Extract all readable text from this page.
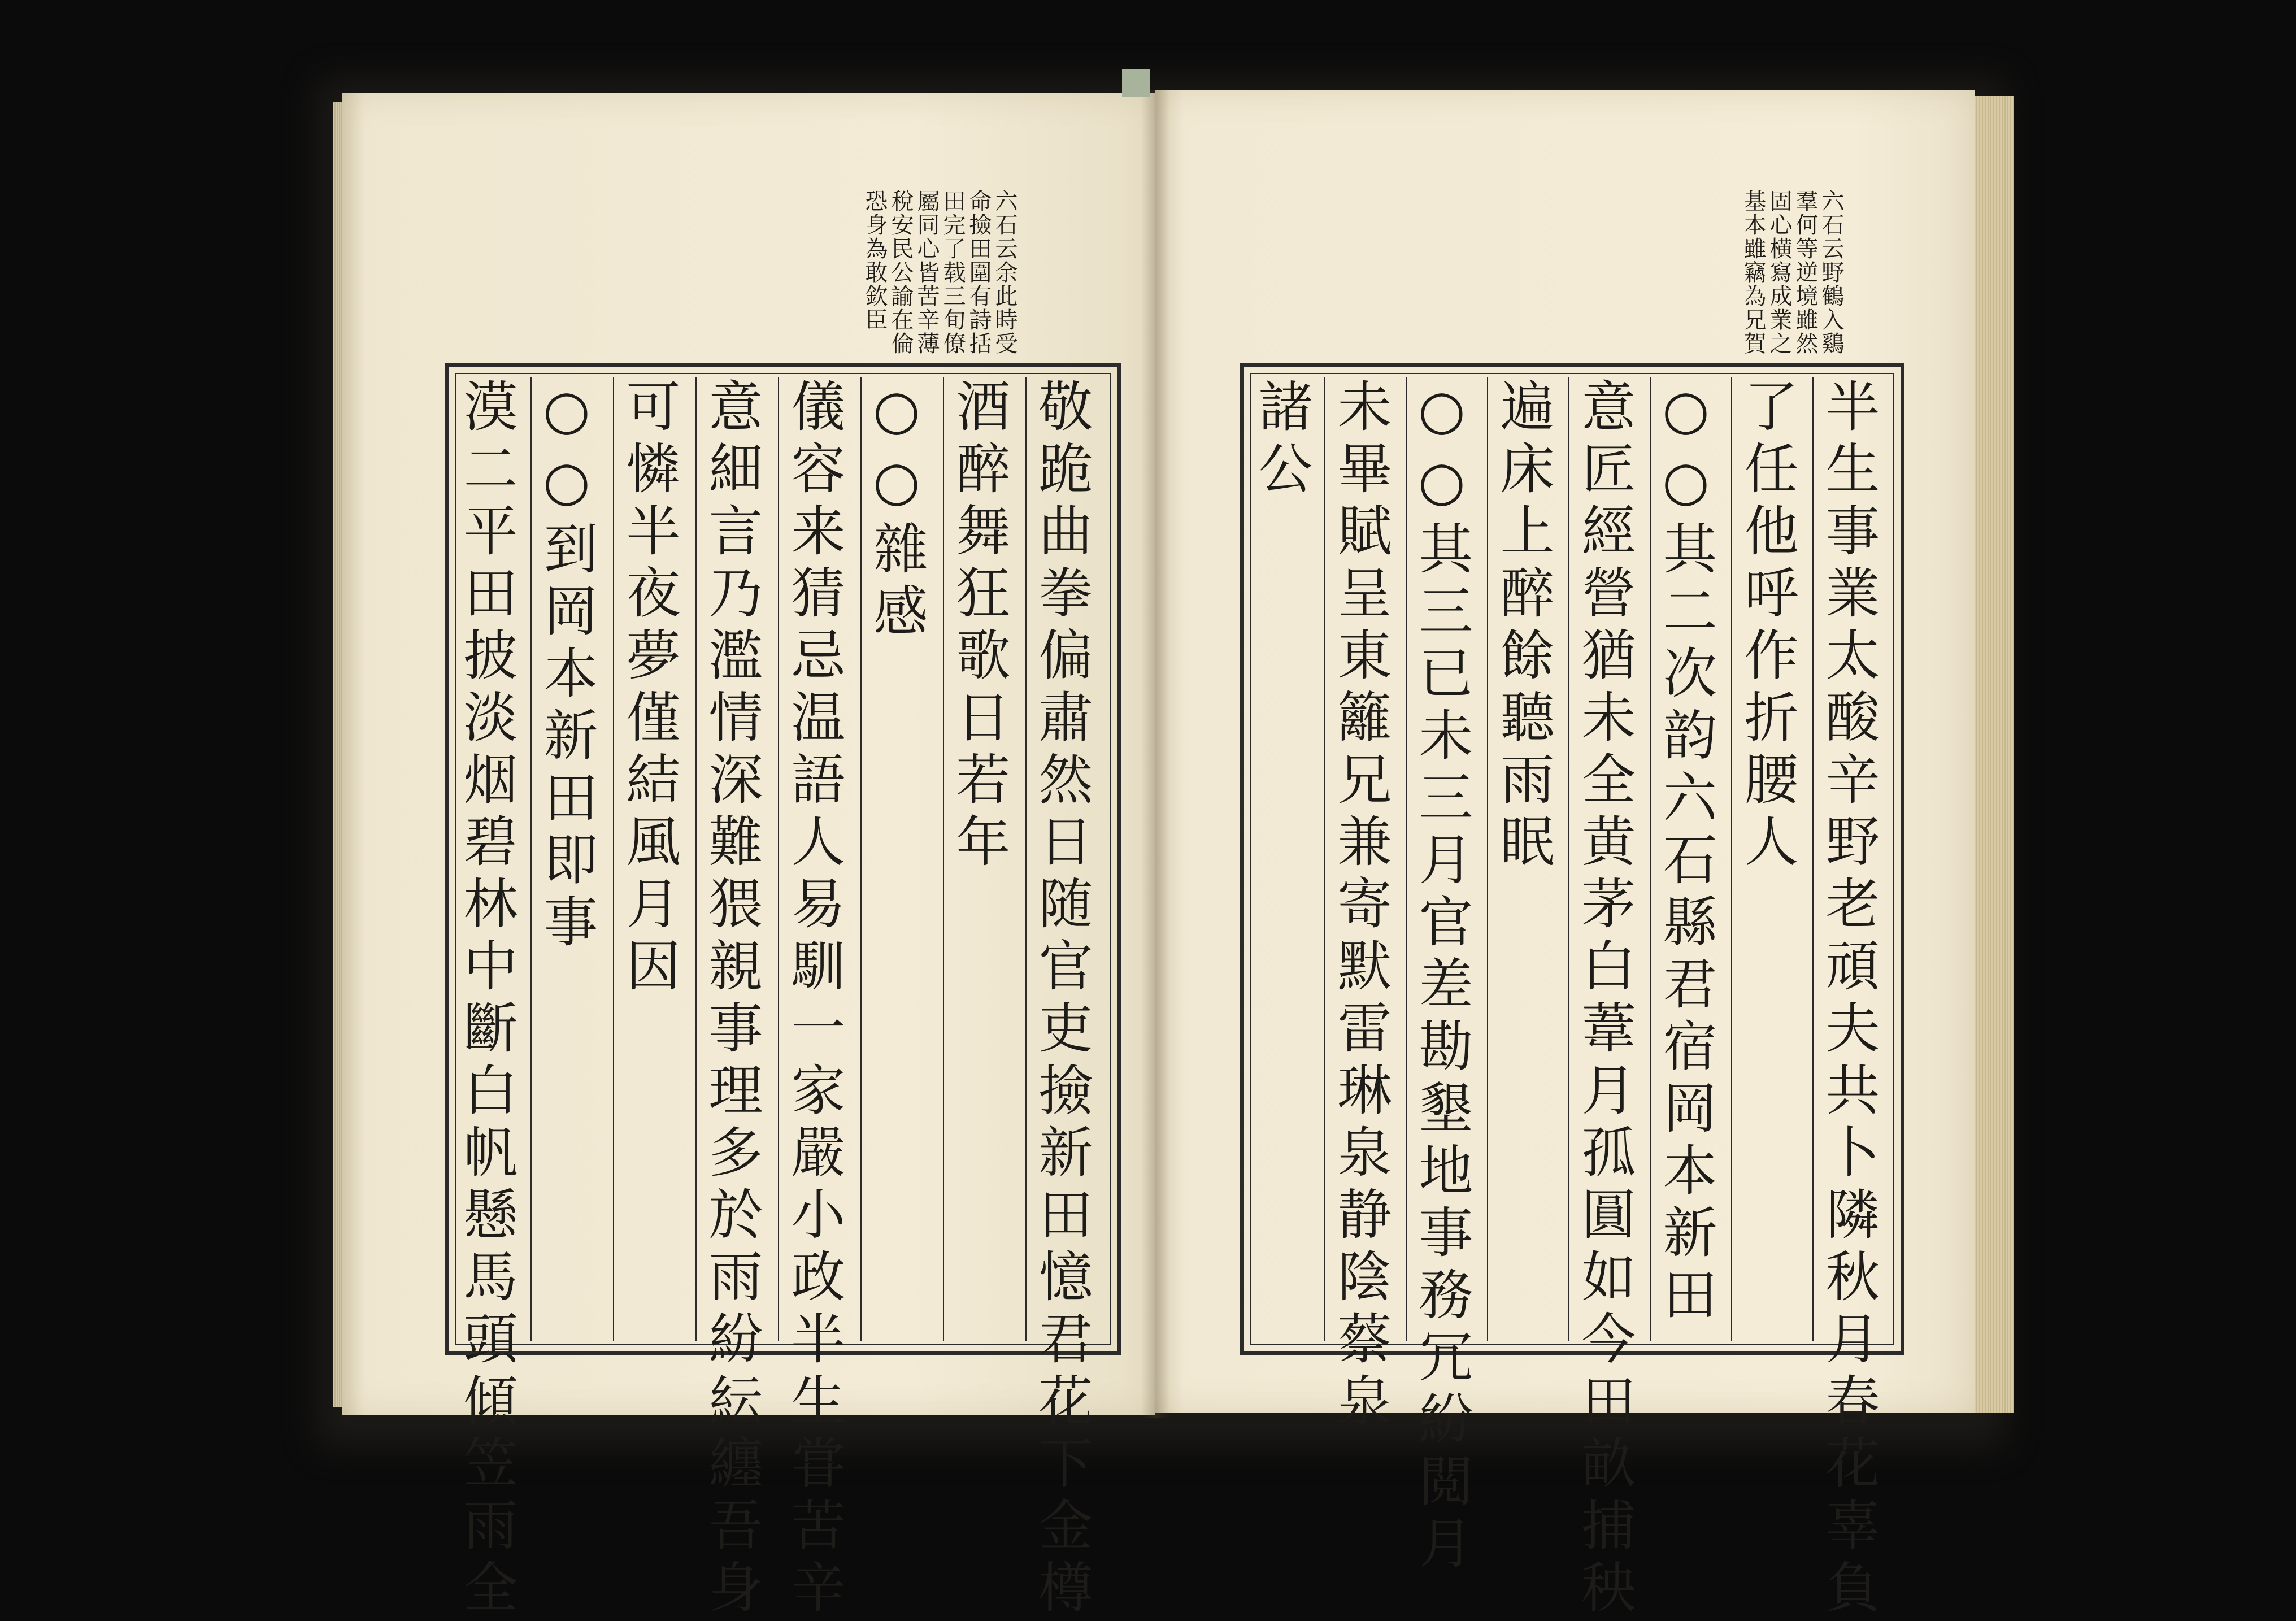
六石云余此時受
命撿田圍有詩括
田完了载三旬僚
屬同心皆苦辛薄
稅安民公諭在倫
恐身為敢欽臣	六石云野鶴入鷄
羣何等逆境雖然
固心横寫成業之
基本雖竊為兄賀
敬跪曲拳偏肅然日随官吏撿新田憶君花下金樽
酒醉舞狂歌日若年
○○雜感
儀容来猜忌温語人易馴一家嚴小政半生甞苦辛
意細言乃濫情深難猥親事理多於雨紛紜纏吾身
可憐半夜夢僅結風月因
○○到岡本新田即事
漠二平田披淡烟碧林中斷白帆懸馬頭傾笠雨全	半生事業太酸辛野老頑夫共卜隣秋月春花辜負
了任他呼作折腰人
○○其二次韵六石縣君宿岡本新田
意匠經營猶未全黄茅白葦月孤圓如今田畝捕秧
遍床上醉餘聽雨眠
○○其三已未三月官差勘墾地事務冗紛閲月
未畢賦呈東籬兄兼寄默雷琳泉静陰蔡泉
諸公
